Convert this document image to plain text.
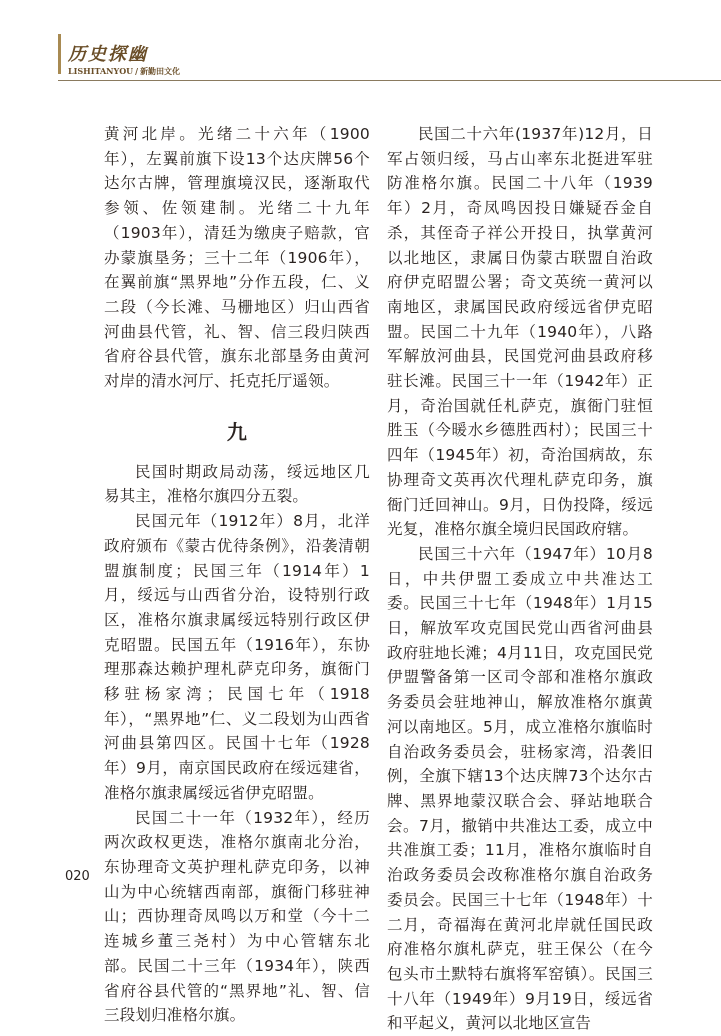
历史探幽
LISHITANYOU / 新勤田文化

黄河北岸。光绪二十六年（1900年），左翼前旗下设13个达庆牌56个达尔古牌，管理旗境汉民，逐渐取代参领、佐领建制。光绪二十九年（1903年），清廷为缴庚子赔款，官办蒙旗垦务；三十二年（1906年），在翼前旗“黑界地”分作五段，仁、义二段（今长滩、马栅地区）归山西省河曲县代管，礼、智、信三段归陕西省府谷县代管，旗东北部垦务由黄河对岸的清水河厅、托克托厅遥领。

九

民国时期政局动荡，绥远地区几易其主，准格尔旗四分五裂。

民国元年（1912年）8月，北洋政府颁布《蒙古优待条例》，沿袭清朝盟旗制度；民国三年（1914年）1月，绥远与山西省分治，设特别行政区，准格尔旗隶属绥远特别行政区伊克昭盟。民国五年（1916年），东协理那森达赖护理札萨克印务，旗衙门移驻杨家湾；民国七年（1918年），“黑界地”仁、义二段划为山西省河曲县第四区。民国十七年（1928年）9月，南京国民政府在绥远建省，准格尔旗隶属绥远省伊克昭盟。

民国二十一年（1932年），经历两次政权更迭，准格尔旗南北分治，东协理奇文英护理札萨克印务，以神山为中心统辖西南部，旗衙门移驻神山；西协理奇凤鸣以万和堂（今十二连城乡董三尧村）为中心管辖东北部。民国二十三年（1934年），陕西省府谷县代管的“黑界地”礼、智、信三段划归准格尔旗。

民国二十六年(1937年)12月，日军占领归绥，马占山率东北挺进军驻防准格尔旗。民国二十八年（1939年）2月，奇凤鸣因投日嫌疑吞金自杀，其侄奇子祥公开投日，执掌黄河以北地区，隶属日伪蒙古联盟自治政府伊克昭盟公署；奇文英统一黄河以南地区，隶属国民政府绥远省伊克昭盟。民国二十九年（1940年），八路军解放河曲县，民国党河曲县政府移驻长滩。民国三十一年（1942年）正月，奇治国就任札萨克，旗衙门驻恒胜玉（今暖水乡德胜西村）；民国三十四年（1945年）初，奇治国病故，东协理奇文英再次代理札萨克印务，旗衙门迁回神山。9月，日伪投降，绥远光复，准格尔旗全境归民国政府辖。

民国三十六年（1947年）10月8日，中共伊盟工委成立中共准达工委。民国三十七年（1948年）1月15日，解放军攻克国民党山西省河曲县政府驻地长滩；4月11日，攻克国民党伊盟警备第一区司令部和准格尔旗政务委员会驻地神山，解放准格尔旗黄河以南地区。5月，成立准格尔旗临时自治政务委员会，驻杨家湾，沿袭旧例，全旗下辖13个达庆牌73个达尔古牌、黑界地蒙汉联合会、驿站地联合会。7月，撤销中共准达工委，成立中共准旗工委；11月，准格尔旗临时自治政务委员会改称准格尔旗自治政务委员会。民国三十七年（1948年）十二月，奇福海在黄河北岸就任国民政府准格尔旗札萨克，驻王保公（在今包头市土默特右旗将军窑镇）。民国三十八年（1949年）9月19日，绥远省和平起义，黄河以北地区宣告

020
